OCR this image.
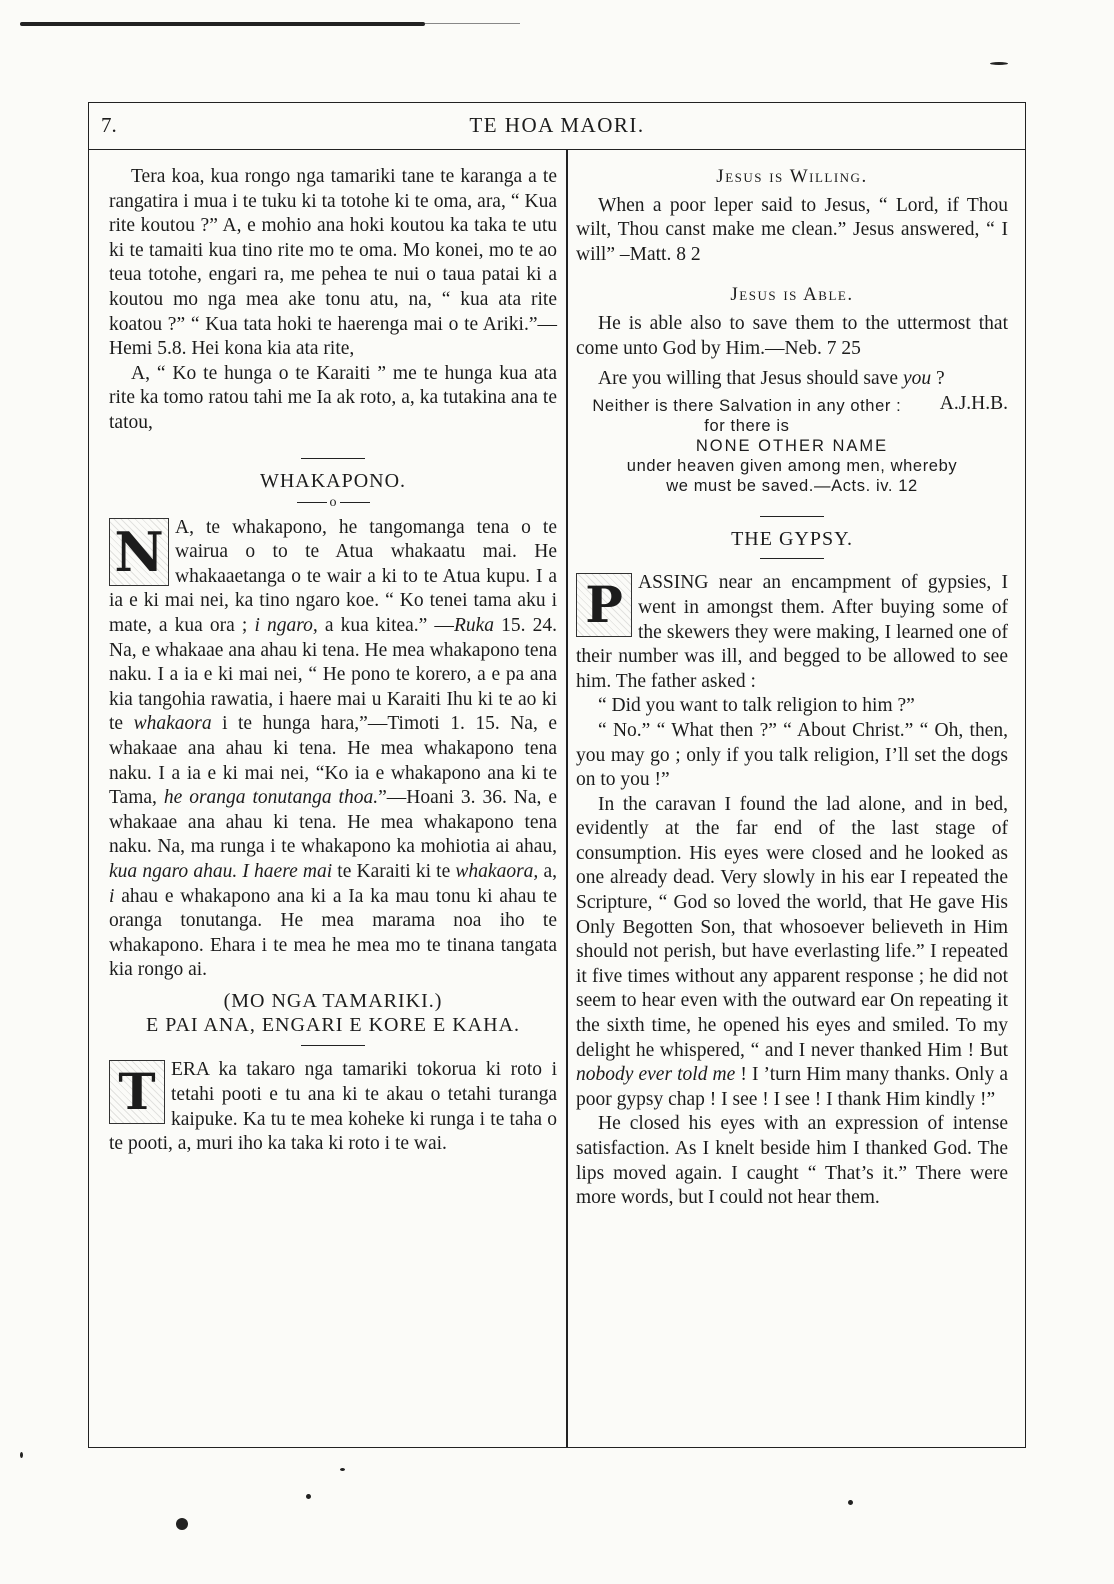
7.	TE HOA MAORI.

Tera koa, kua rongo nga tamariki tane te karanga a te rangatira i mua i te tuku ki ta totohe ki te oma, ara, “ Kua rite koutou ?” A, e mohio ana hoki koutou ka taka te utu ki te tamaiti kua tino rite mo te oma. Mo konei, mo te ao teua totohe, engari ra, me pehea te nui o taua patai ki a koutou mo nga mea ake tonu atu, na, “ kua ata rite koatou ?” “ Kua tata hoki te haerenga mai o te Ariki.”—Hemi 5.8. Hei kona kia ata rite,

A, “ Ko te hunga o te Karaiti ” me te hunga kua ata rite ka tomo ratou tahi me Ia ak roto, a, ka tutakina ana te tatou,

WHAKAPONO.

o
N A, te whakapono, he tangomanga tena o te wairua o to te Atua whakaatu mai. He whakaaetanga o te wair a ki to te Atua kupu. I a ia e ki mai nei, ka tino ngaro koe. “ Ko tenei tama aku i mate, a kua ora ; i ngaro, a kua kitea.” —Ruka 15. 24. Na, e whakaae ana ahau ki tena. He mea whakapono tena naku. I a ia e ki mai nei, “ He pono te korero, a e pa ana kia tangohia rawatia, i haere mai u Karaiti Ihu ki te ao ki te whakaora i te hunga hara,”—Timoti 1. 15. Na, e whakaae ana ahau ki tena. He mea whakapono tena naku. I a ia e ki mai nei, “Ko ia e whakapono ana ki te Tama, he oranga tonutanga thoa.”—Hoani 3. 36. Na, e whakaae ana ahau ki tena. He mea whakapono tena naku. Na, ma runga i te whakapono ka mohiotia ai ahau, kua ngaro ahau. I haere mai te Karaiti ki te whakaora, a, i ahau e whakapono ana ki a Ia ka mau tonu ki ahau te oranga tonutanga. He mea marama noa iho te whakapono. Ehara i te mea he mea mo te tinana tangata kia rongo ai.

(MO NGA TAMARIKI.)

E PAI ANA, ENGARI E KORE E KAHA.

T ERA ka takaro nga tamariki tokorua ki roto i tetahi pooti e tu ana ki te akau o tetahi turanga kaipuke. Ka tu te mea koheke ki runga i te taha o te pooti, a, muri iho ka taka ki roto i te wai.

Jesus is Willing.

When a poor leper said to Jesus, “ Lord, if Thou wilt, Thou canst make me clean.” Jesus answered, “ I will” –Matt. 8 2

Jesus is Able.

He is able also to save them to the uttermost that come unto God by Him.—Neb. 7 25

Are you willing that Jesus should save you ?
A.J.H.B.

Neither is there Salvation in any other :
for there is
NONE OTHER NAME
under heaven given among men, whereby
we must be saved.—Acts. iv. 12

THE GYPSY.

P ASSING near an encampment of gypsies, I went in amongst them. After buying some of the skewers they were making, I learned one of their number was ill, and begged to be allowed to see him. The father asked :

“ Did you want to talk religion to him ?”

“ No.” “ What then ?” “ About Christ.” “ Oh, then, you may go ; only if you talk religion, I’ll set the dogs on to you !”

In the caravan I found the lad alone, and in bed, evidently at the far end of the last stage of consumption. His eyes were closed and he looked as one already dead. Very slowly in his ear I repeated the Scripture, “ God so loved the world, that He gave His Only Begotten Son, that whosoever believeth in Him should not perish, but have everlasting life.” I repeated it five times without any apparent response ; he did not seem to hear even with the outward ear On repeating it the sixth time, he opened his eyes and smiled. To my delight he whispered, “ and I never thanked Him ! But nobody ever told me ! I ’turn Him many thanks. Only a poor gypsy chap ! I see ! I see ! I thank Him kindly !”

He closed his eyes with an expression of intense satisfaction. As I knelt beside him I thanked God. The lips moved again. I caught “ That’s it.” There were more words, but I could not hear them.
